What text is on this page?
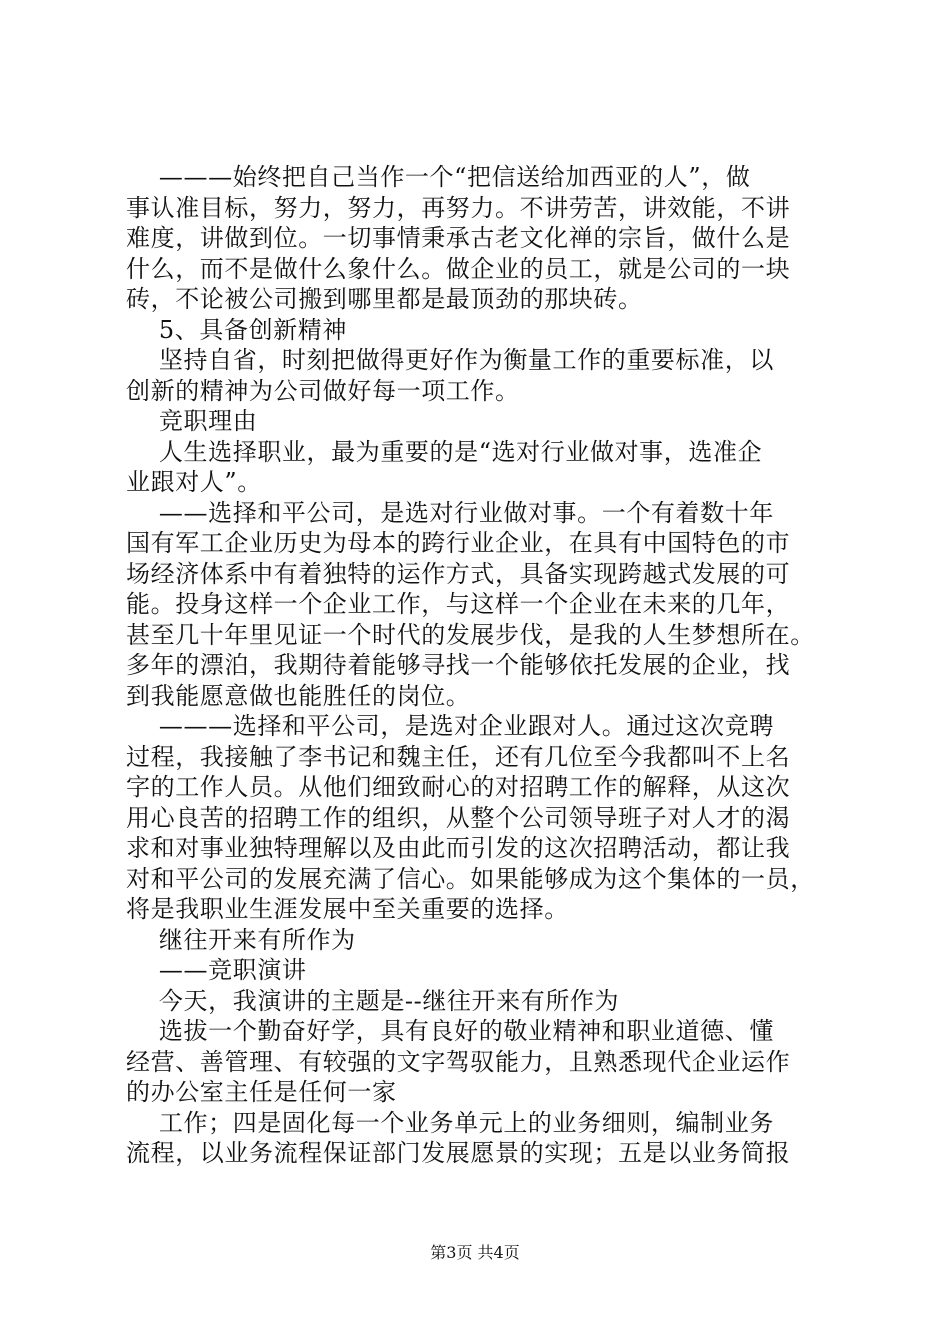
———始终把自己当作一个“把信送给加西亚的人”，做
事认准目标，努力，努力，再努力。不讲劳苦，讲效能，不讲
难度，讲做到位。一切事情秉承古老文化禅的宗旨，做什么是
什么，而不是做什么象什么。做企业的员工，就是公司的一块
砖，不论被公司搬到哪里都是最顶劲的那块砖。
5、具备创新精神
坚持自省，时刻把做得更好作为衡量工作的重要标准，以
创新的精神为公司做好每一项工作。
竞职理由
人生选择职业，最为重要的是“选对行业做对事，选准企
业跟对人”。
——选择和平公司，是选对行业做对事。一个有着数十年
国有军工企业历史为母本的跨行业企业，在具有中国特色的市
场经济体系中有着独特的运作方式，具备实现跨越式发展的可
能。投身这样一个企业工作，与这样一个企业在未来的几年，
甚至几十年里见证一个时代的发展步伐，是我的人生梦想所在。
多年的漂泊，我期待着能够寻找一个能够依托发展的企业，找
到我能愿意做也能胜任的岗位。
———选择和平公司，是选对企业跟对人。通过这次竞聘
过程，我接触了李书记和魏主任，还有几位至今我都叫不上名
字的工作人员。从他们细致耐心的对招聘工作的解释，从这次
用心良苦的招聘工作的组织，从整个公司领导班子对人才的渴
求和对事业独特理解以及由此而引发的这次招聘活动，都让我
对和平公司的发展充满了信心。如果能够成为这个集体的一员，
将是我职业生涯发展中至关重要的选择。
继往开来有所作为
——竞职演讲
今天，我演讲的主题是--继往开来有所作为
选拔一个勤奋好学，具有良好的敬业精神和职业道德、懂
经营、善管理、有较强的文字驾驭能力，且熟悉现代企业运作
的办公室主任是任何一家
工作；四是固化每一个业务单元上的业务细则，编制业务
流程，以业务流程保证部门发展愿景的实现；五是以业务简报
第3页 共4页
